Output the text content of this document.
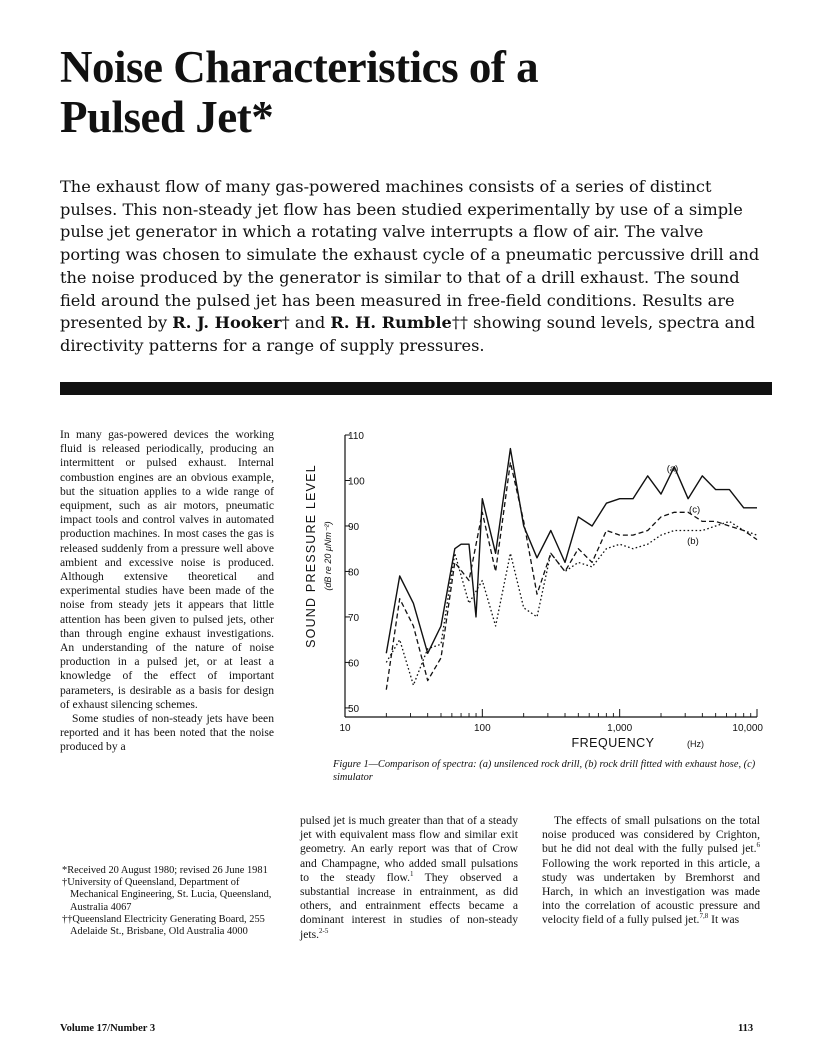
Noise Characteristics of a Pulsed Jet*

The exhaust flow of many gas-powered machines consists of a series of distinct pulses. This non-steady jet flow has been studied experimentally by use of a simple pulse jet generator in which a rotating valve interrupts a flow of air. The valve porting was chosen to simulate the exhaust cycle of a pneumatic percussive drill and the noise produced by the generator is similar to that of a drill exhaust. The sound field around the pulsed jet has been measured in free-field conditions. Results are presented by R. J. Hooker† and R. H. Rumble†† showing sound levels, spectra and directivity patterns for a range of supply pressures.

In many gas-powered devices the working fluid is released periodically, producing an intermittent or pulsed exhaust. Internal combustion engines are an obvious example, but the situation applies to a wide range of equipment, such as air motors, pneumatic impact tools and control valves in automated production machines. In most cases the gas is released suddenly from a pressure well above ambient and excessive noise is produced. Although extensive theoretical and experimental studies have been made of the noise from steady jets it appears that little attention has been given to pulsed jets, other than through engine exhaust investigations. An understanding of the nature of noise production in a pulsed jet, or at least a knowledge of the effect of important parameters, is desirable as a basis for design of exhaust silencing schemes.

Some studies of non-steady jets have been reported and it has been noted that the noise produced by a

*Received 20 August 1980; revised 26 June 1981

†University of Queensland, Department of Mechanical Engineering, St. Lucia, Queensland, Australia 4067

††Queensland Electricity Generating Board, 255 Adelaide St., Brisbane, Old Australia 4000

50
60
70
80
90
100
110
10	100	1,000	10,000
FREQUENCY	(Hz)
SOUND PRESSURE LEVEL (dB re 20 μNm⁻²)
(a)
(b)
(c)

Figure 1—Comparison of spectra: (a) unsilenced rock drill, (b) rock drill fitted with exhaust hose, (c) simulator

pulsed jet is much greater than that of a steady jet with equivalent mass flow and similar exit geometry. An early report was that of Crow and Champagne, who added small pulsations to the steady flow.$^1$ They observed a substantial increase in entrainment, as did others, and entrainment effects became a dominant interest in studies of non-steady jets.$^{2-5}$

The effects of small pulsations on the total noise produced was considered by Crighton, but he did not deal with the fully pulsed jet.$^6$ Following the work reported in this article, a study was undertaken by Bremhorst and Harch, in which an investigation was made into the correlation of acoustic pressure and velocity field of a fully pulsed jet.$^{7,8}$ It was

Volume 17/Number 3	113
